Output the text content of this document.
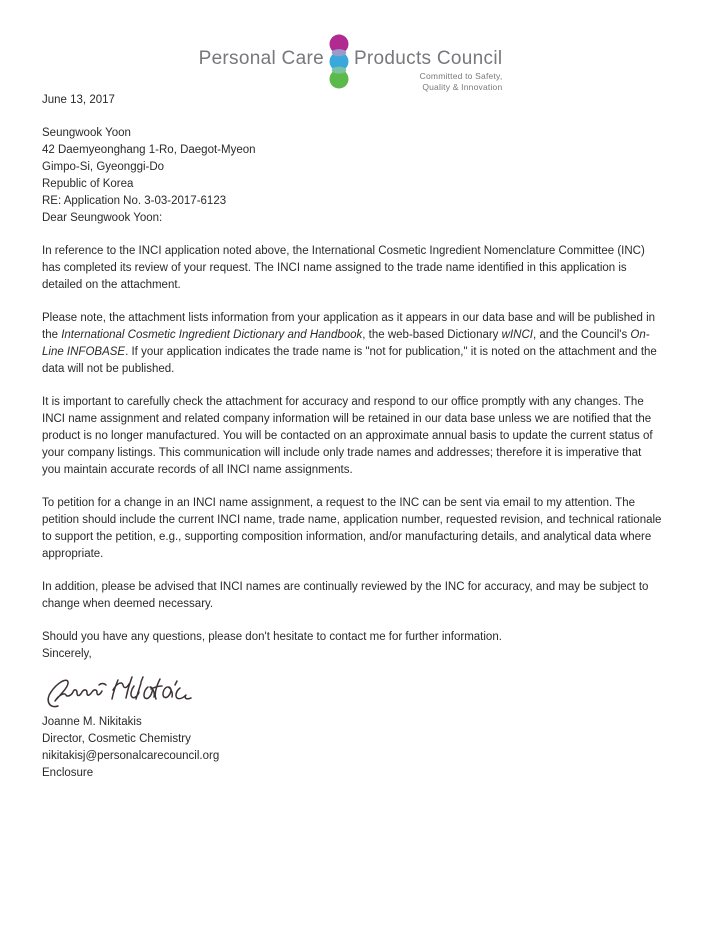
Personal Care Products Council
Committed to Safety,
Quality & Innovation

June 13, 2017

Seungwook Yoon

42 Daemyeonghang 1-Ro, Daegot-Myeon

Gimpo-Si, Gyeonggi-Do

Republic of Korea

RE: Application No. 3-03-2017-6123

Dear Seungwook Yoon:

In reference to the INCI application noted above, the International Cosmetic Ingredient Nomenclature Committee (INC) has completed its review of your request. The INCI name assigned to the trade name identified in this application is detailed on the attachment.

Please note, the attachment lists information from your application as it appears in our data base and will be published in the International Cosmetic Ingredient Dictionary and Handbook, the web-based Dictionary wINCI, and the Council's On-Line INFOBASE. If your application indicates the trade name is "not for publication," it is noted on the attachment and the data will not be published.

It is important to carefully check the attachment for accuracy and respond to our office promptly with any changes. The INCI name assignment and related company information will be retained in our data base unless we are notified that the product is no longer manufactured. You will be contacted on an approximate annual basis to update the current status of your company listings. This communication will include only trade names and addresses; therefore it is imperative that you maintain accurate records of all INCI name assignments.

To petition for a change in an INCI name assignment, a request to the INC can be sent via email to my attention. The petition should include the current INCI name, trade name, application number, requested revision, and technical rationale to support the petition, e.g., supporting composition information, and/or manufacturing details, and analytical data where appropriate.

In addition, please be advised that INCI names are continually reviewed by the INC for accuracy, and may be subject to change when deemed necessary.

Should you have any questions, please don't hesitate to contact me for further information.

Sincerely,

Joanne M. Nikitakis

Director, Cosmetic Chemistry

nikitakisj@personalcarecouncil.org

Enclosure
